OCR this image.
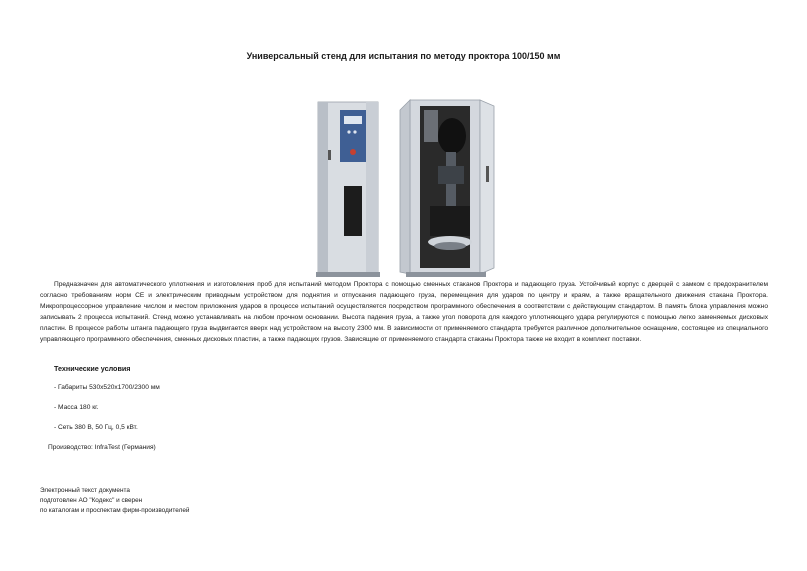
Универсальный стенд для испытания по методу проктора 100/150 мм

Предназначен для автоматического уплотнения и изготовления проб для испытаний методом Проктора с помощью сменных стаканов Проктора и падающего груза. Устойчивый корпус с дверцей с замком с предохранителем согласно требованиям норм CE и электрическим приводным устройством для поднятия и отпускания падающего груза, перемещения для ударов по центру и краям, а также вращательного движения стакана Проктора. Микропроцессорное управление числом и местом приложения ударов в процессе испытаний осуществляется посредством программного обеспечения в соответствии с действующим стандартом. В память блока управления можно записывать 2 процесса испытаний. Стенд можно устанавливать на любом прочном основании. Высота падения груза, а также угол поворота для каждого уплотняющего удара регулируются с помощью легко заменяемых дисковых пластин. В процессе работы штанга падающего груза выдвигается вверх над устройством на высоту 2300 мм. В зависимости от применяемого стандарта требуется различное дополнительное оснащение, состоящее из специального управляющего программного обеспечения, сменных дисковых пластин, а также падающих грузов. Зависящие от применяемого стандарта стаканы Проктора также не входит в комплект поставки.

Технические условия
- Габариты 530х520х1700/2300 мм
- Масса 180 кг.
- Сеть 380 В, 50 Гц, 0,5 кВт.

Производство: InfraTest (Германия)

Электронный текст документа
подготовлен АО "Кодекс" и сверен
по каталогам и проспектам фирм-производителей
